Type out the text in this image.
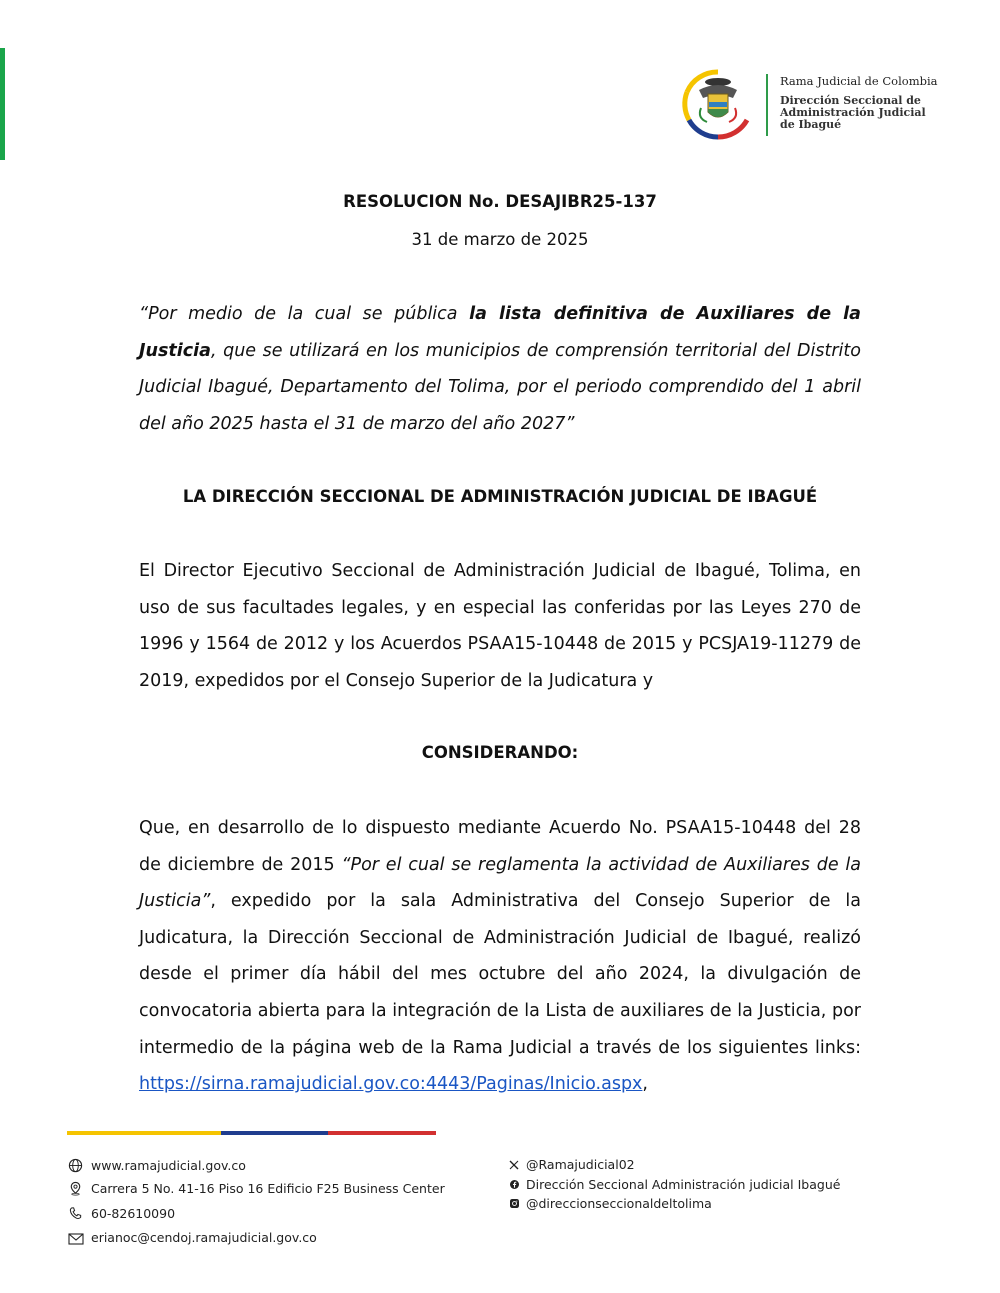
Rama Judicial de Colombia
Dirección Seccional de
Administración Judicial
de Ibagué
RESOLUCION No. DESAJIBR25-137
31 de marzo de 2025

“Por medio de la cual se pública la lista definitiva de Auxiliares de la Justicia, que se utilizará en los municipios de comprensión territorial del Distrito Judicial Ibagué, Departamento del Tolima, por el periodo comprendido del 1 abril del año 2025 hasta el 31 de marzo del año 2027”

LA DIRECCIÓN SECCIONAL DE ADMINISTRACIÓN JUDICIAL DE IBAGUÉ

El Director Ejecutivo Seccional de Administración Judicial de Ibagué, Tolima, en uso de sus facultades legales, y en especial las conferidas por las Leyes 270 de 1996 y 1564 de 2012 y los Acuerdos PSAA15-10448 de 2015 y PCSJA19-11279 de 2019, expedidos por el Consejo Superior de la Judicatura y

CONSIDERANDO:

Que, en desarrollo de lo dispuesto mediante Acuerdo No. PSAA15-10448 del 28 de diciembre de 2015 “Por el cual se reglamenta la actividad de Auxiliares de la Justicia”, expedido por la sala Administrativa del Consejo Superior de la Judicatura, la Dirección Seccional de Administración Judicial de Ibagué, realizó desde el primer día hábil del mes octubre del año 2024, la divulgación de convocatoria abierta para la integración de la Lista de auxiliares de la Justicia, por intermedio de la página web de la Rama Judicial a través de los siguientes links: https://sirna.ramajudicial.gov.co:4443/Paginas/Inicio.aspx,

www.ramajudicial.gov.co
Carrera 5 No. 41-16 Piso 16 Edificio F25 Business Center
60-82610090
erianoc@cendoj.ramajudicial.gov.co
@Ramajudicial02
Dirección Seccional Administración judicial Ibagué
@direccionseccionaldeltolima
